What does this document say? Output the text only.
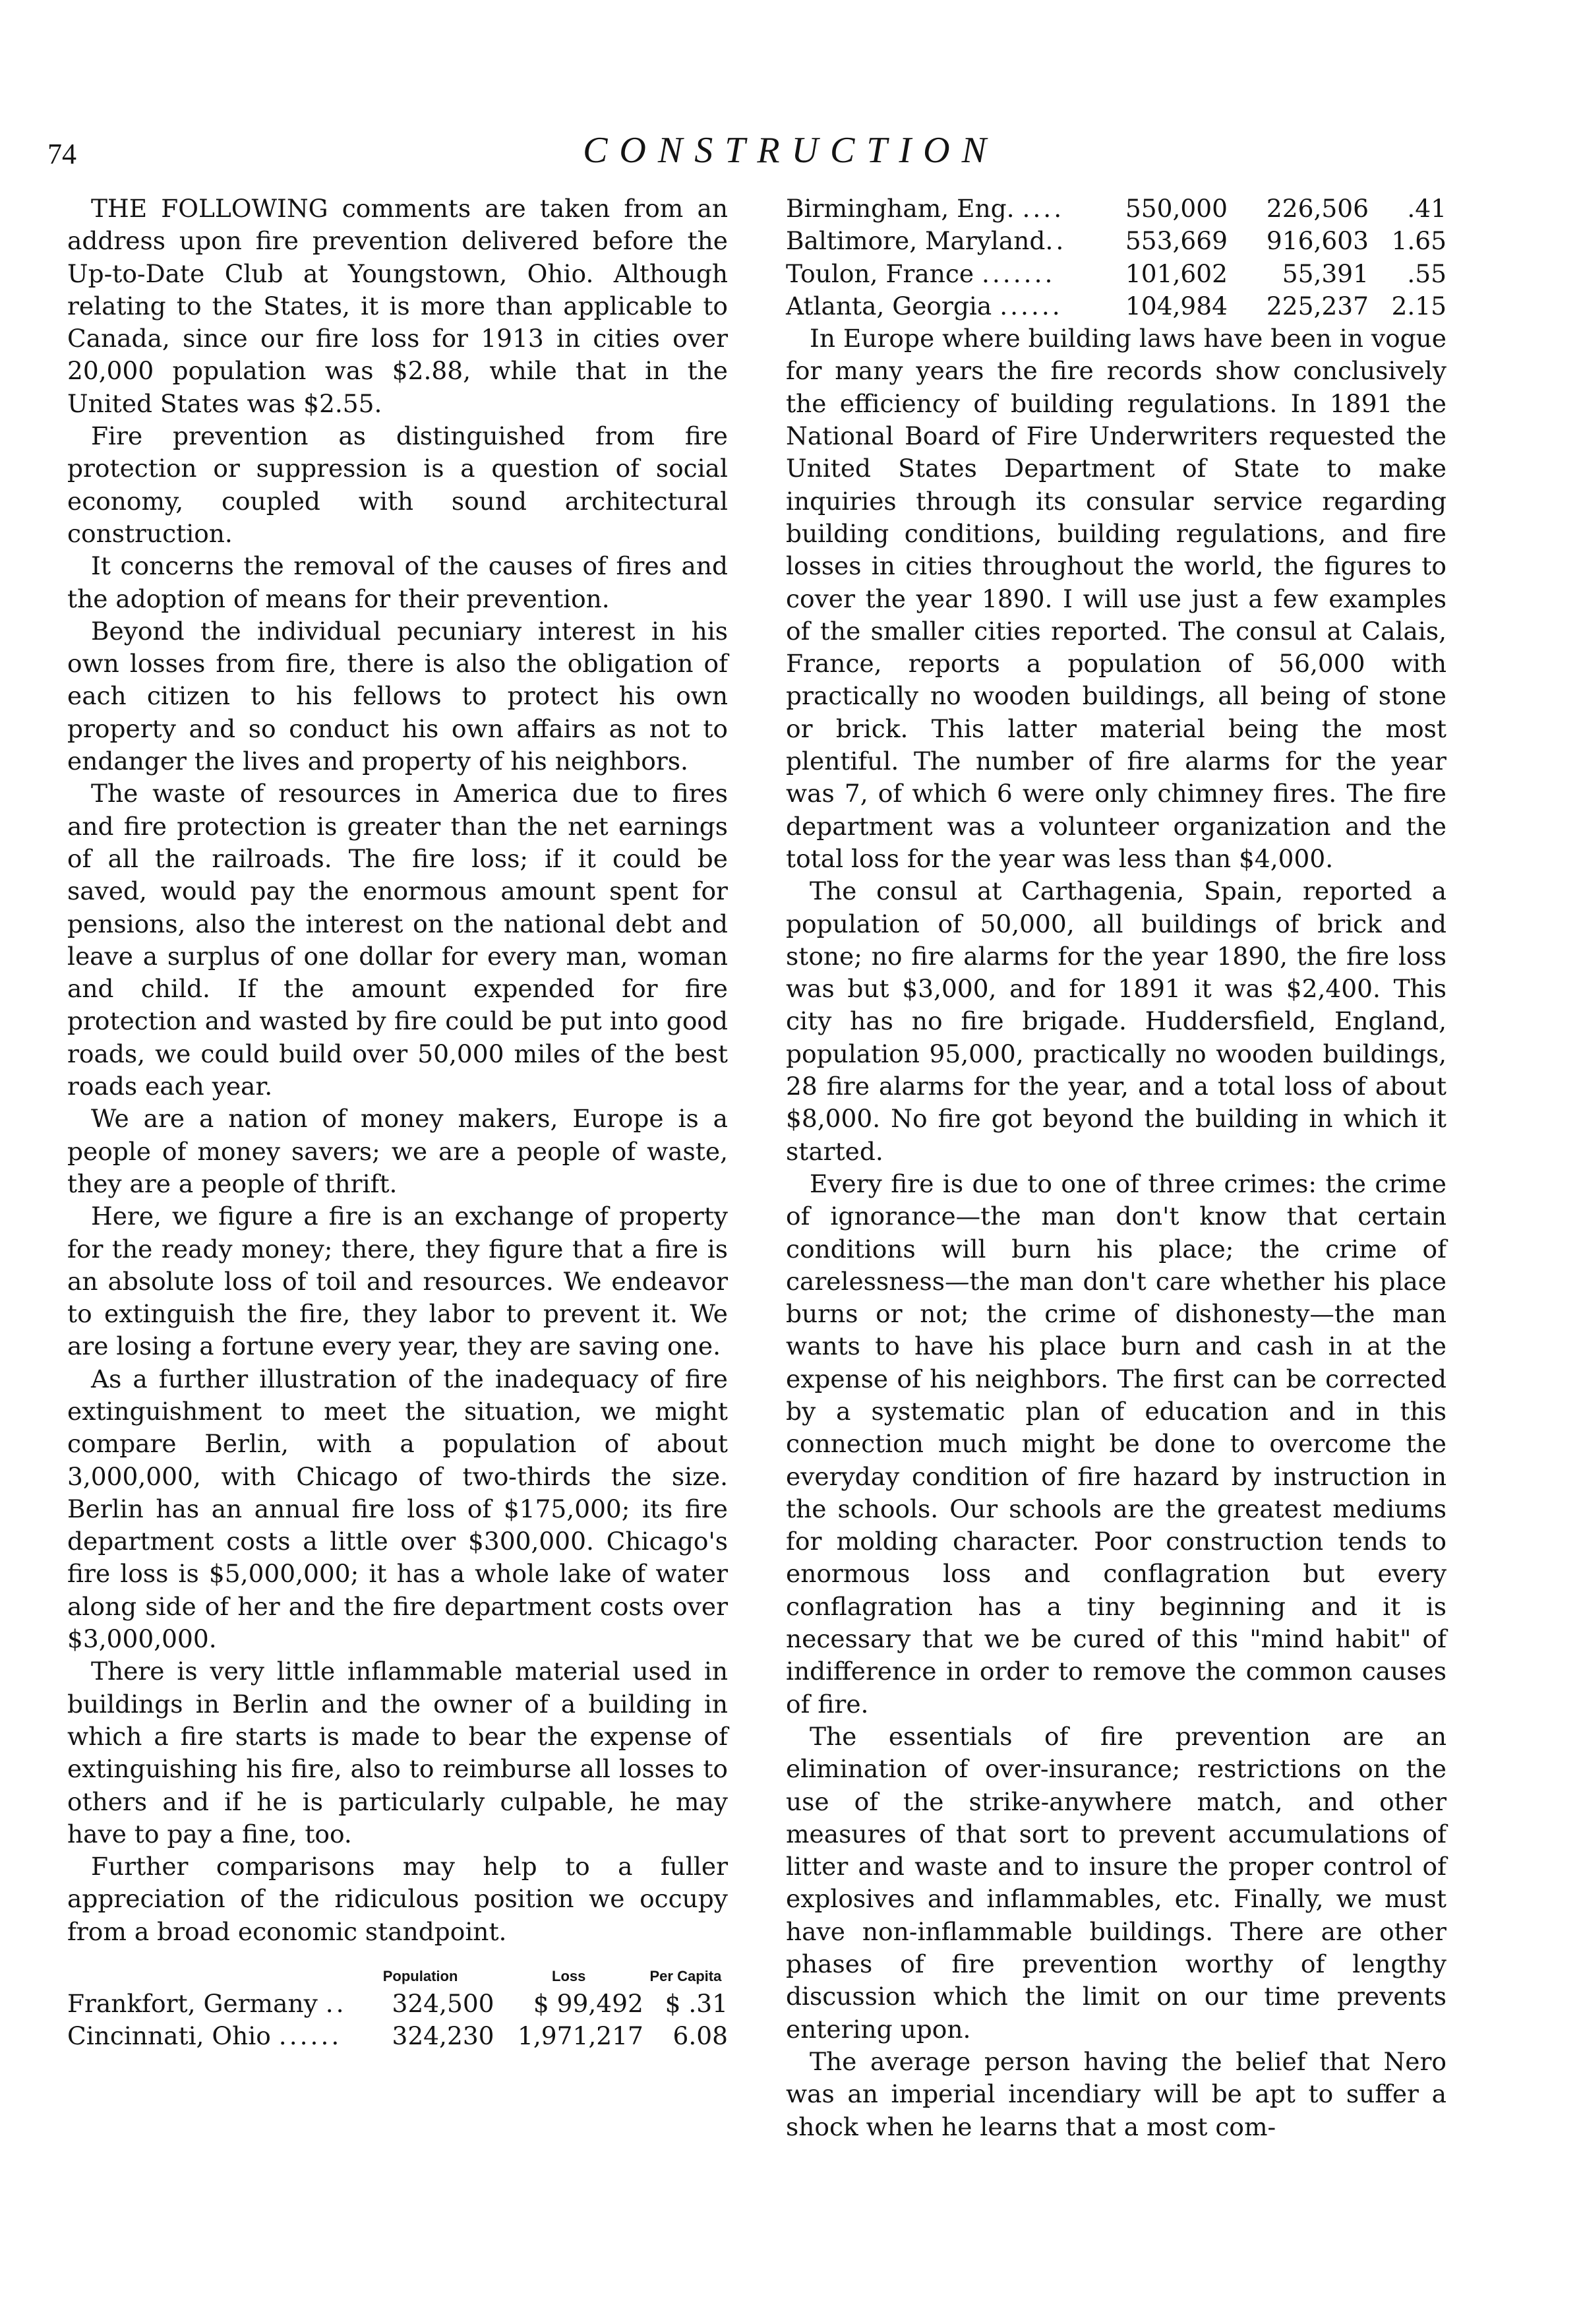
74	CONSTRUCTION

THE FOLLOWING comments are taken from an address upon fire prevention delivered before the Up-to-Date Club at Youngstown, Ohio. Although relating to the States, it is more than applicable to Canada, since our fire loss for 1913 in cities over 20,000 population was $2.88, while that in the United States was $2.55.

Fire prevention as distinguished from fire protection or suppression is a question of social economy, coupled with sound architectural construction.

It concerns the removal of the causes of fires and the adoption of means for their prevention.

Beyond the individual pecuniary interest in his own losses from fire, there is also the obligation of each citizen to his fellows to protect his own property and so conduct his own affairs as not to endanger the lives and property of his neighbors.

The waste of resources in America due to fires and fire protection is greater than the net earnings of all the railroads. The fire loss; if it could be saved, would pay the enormous amount spent for pensions, also the interest on the national debt and leave a surplus of one dollar for every man, woman and child. If the amount expended for fire protection and wasted by fire could be put into good roads, we could build over 50,000 miles of the best roads each year.

We are a nation of money makers, Europe is a people of money savers; we are a people of waste, they are a people of thrift.

Here, we figure a fire is an exchange of property for the ready money; there, they figure that a fire is an absolute loss of toil and resources. We endeavor to extinguish the fire, they labor to prevent it. We are losing a fortune every year, they are saving one.

As a further illustration of the inadequacy of fire extinguishment to meet the situation, we might compare Berlin, with a population of about 3,000,000, with Chicago of two-thirds the size. Berlin has an annual fire loss of $175,000; its fire department costs a little over $300,000. Chicago's fire loss is $5,000,000; it has a whole lake of water along side of her and the fire department costs over $3,000,000.

There is very little inflammable material used in buildings in Berlin and the owner of a building in which a fire starts is made to bear the expense of extinguishing his fire, also to reimburse all losses to others and if he is particularly culpable, he may have to pay a fine, too.

Further comparisons may help to a fuller appreciation of the ridiculous position we occupy from a broad economic standpoint.

	Population	Loss	Per Capita
Frankfort, Germany ..	324,500	$ 99,492	$ .31
Cincinnati, Ohio ......	324,230	1,971,217	6.08
Birmingham, Eng. ....	550,000	226,506	.41
Baltimore, Maryland..	553,669	916,603	1.65
Toulon, France .......	101,602	55,391	.55
Atlanta, Georgia ......	104,984	225,237	2.15

In Europe where building laws have been in vogue for many years the fire records show conclusively the efficiency of building regulations. In 1891 the National Board of Fire Underwriters requested the United States Department of State to make inquiries through its consular service regarding building conditions, building regulations, and fire losses in cities throughout the world, the figures to cover the year 1890. I will use just a few examples of the smaller cities reported. The consul at Calais, France, reports a population of 56,000 with practically no wooden buildings, all being of stone or brick. This latter material being the most plentiful. The number of fire alarms for the year was 7, of which 6 were only chimney fires. The fire department was a volunteer organization and the total loss for the year was less than $4,000.

The consul at Carthagenia, Spain, reported a population of 50,000, all buildings of brick and stone; no fire alarms for the year 1890, the fire loss was but $3,000, and for 1891 it was $2,400. This city has no fire brigade. Huddersfield, England, population 95,000, practically no wooden buildings, 28 fire alarms for the year, and a total loss of about $8,000. No fire got beyond the building in which it started.

Every fire is due to one of three crimes: the crime of ignorance—the man don't know that certain conditions will burn his place; the crime of carelessness—the man don't care whether his place burns or not; the crime of dishonesty—the man wants to have his place burn and cash in at the expense of his neighbors. The first can be corrected by a systematic plan of education and in this connection much might be done to overcome the everyday condition of fire hazard by instruction in the schools. Our schools are the greatest mediums for molding character. Poor construction tends to enormous loss and conflagration but every conflagration has a tiny beginning and it is necessary that we be cured of this "mind habit" of indifference in order to remove the common causes of fire.

The essentials of fire prevention are an elimination of over-insurance; restrictions on the use of the strike-anywhere match, and other measures of that sort to prevent accumulations of litter and waste and to insure the proper control of explosives and inflammables, etc. Finally, we must have non-inflammable buildings. There are other phases of fire prevention worthy of lengthy discussion which the limit on our time prevents entering upon.

The average person having the belief that Nero was an imperial incendiary will be apt to suffer a shock when he learns that a most com-
